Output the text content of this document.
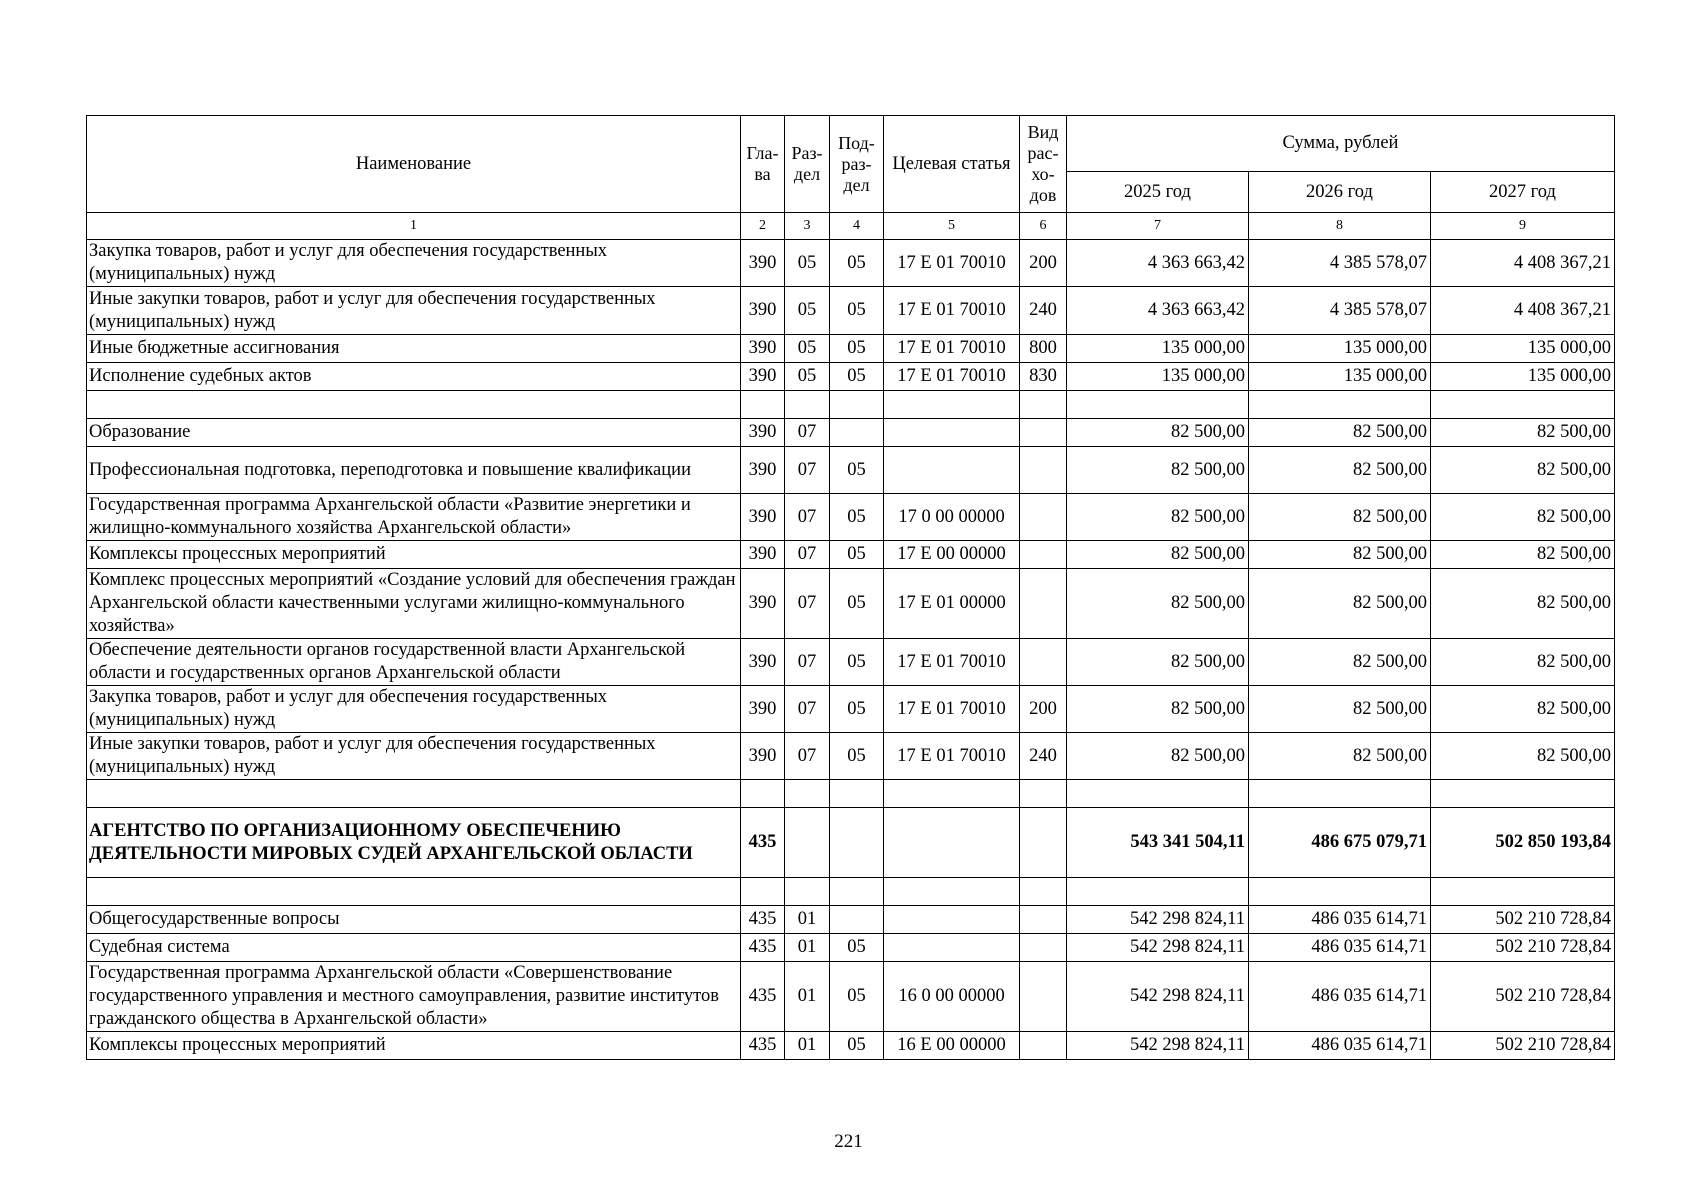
Наименование	Гла- ва	Раз- дел	Под- раз- дел	Целевая статья	Вид рас- хо- дов	Сумма, рублей		
						2025 год	2026 год	2027 год
1	2	3	4	5	6	7	8	9
Закупка товаров, работ и услуг для обеспечения государственных (муниципальных) нужд	390	05	05	17 Е 01 70010	200	4 363 663,42	4 385 578,07	4 408 367,21
Иные закупки товаров, работ и услуг для обеспечения государственных (муниципальных) нужд	390	05	05	17 Е 01 70010	240	4 363 663,42	4 385 578,07	4 408 367,21
Иные бюджетные ассигнования	390	05	05	17 Е 01 70010	800	135 000,00	135 000,00	135 000,00
Исполнение судебных актов	390	05	05	17 Е 01 70010	830	135 000,00	135 000,00	135 000,00

Образование	390	07				82 500,00	82 500,00	82 500,00
Профессиональная подготовка, переподготовка и повышение квалификации	390	07	05			82 500,00	82 500,00	82 500,00
Государственная программа Архангельской области «Развитие энергетики и жилищно-коммунального хозяйства Архангельской области»	390	07	05	17 0 00 00000		82 500,00	82 500,00	82 500,00
Комплексы процессных мероприятий	390	07	05	17 Е 00 00000		82 500,00	82 500,00	82 500,00
Комплекс процессных мероприятий «Создание условий для обеспечения граждан Архангельской области качественными услугами жилищно-коммунального хозяйства»	390	07	05	17 Е 01 00000		82 500,00	82 500,00	82 500,00
Обеспечение деятельности органов государственной власти Архангельской области и государственных органов Архангельской области	390	07	05	17 Е 01 70010		82 500,00	82 500,00	82 500,00
Закупка товаров, работ и услуг для обеспечения государственных (муниципальных) нужд	390	07	05	17 Е 01 70010	200	82 500,00	82 500,00	82 500,00
Иные закупки товаров, работ и услуг для обеспечения государственных (муниципальных) нужд	390	07	05	17 Е 01 70010	240	82 500,00	82 500,00	82 500,00

АГЕНТСТВО ПО ОРГАНИЗАЦИОННОМУ ОБЕСПЕЧЕНИЮ ДЕЯТЕЛЬНОСТИ МИРОВЫХ СУДЕЙ АРХАНГЕЛЬСКОЙ ОБЛАСТИ	435					543 341 504,11	486 675 079,71	502 850 193,84

Общегосударственные вопросы	435	01				542 298 824,11	486 035 614,71	502 210 728,84
Судебная система	435	01	05			542 298 824,11	486 035 614,71	502 210 728,84
Государственная программа Архангельской области «Совершенствование государственного управления и местного самоуправления, развитие институтов гражданского общества в Архангельской области»	435	01	05	16 0 00 00000		542 298 824,11	486 035 614,71	502 210 728,84
Комплексы процессных мероприятий	435	01	05	16 Е 00 00000		542 298 824,11	486 035 614,71	502 210 728,84
221
